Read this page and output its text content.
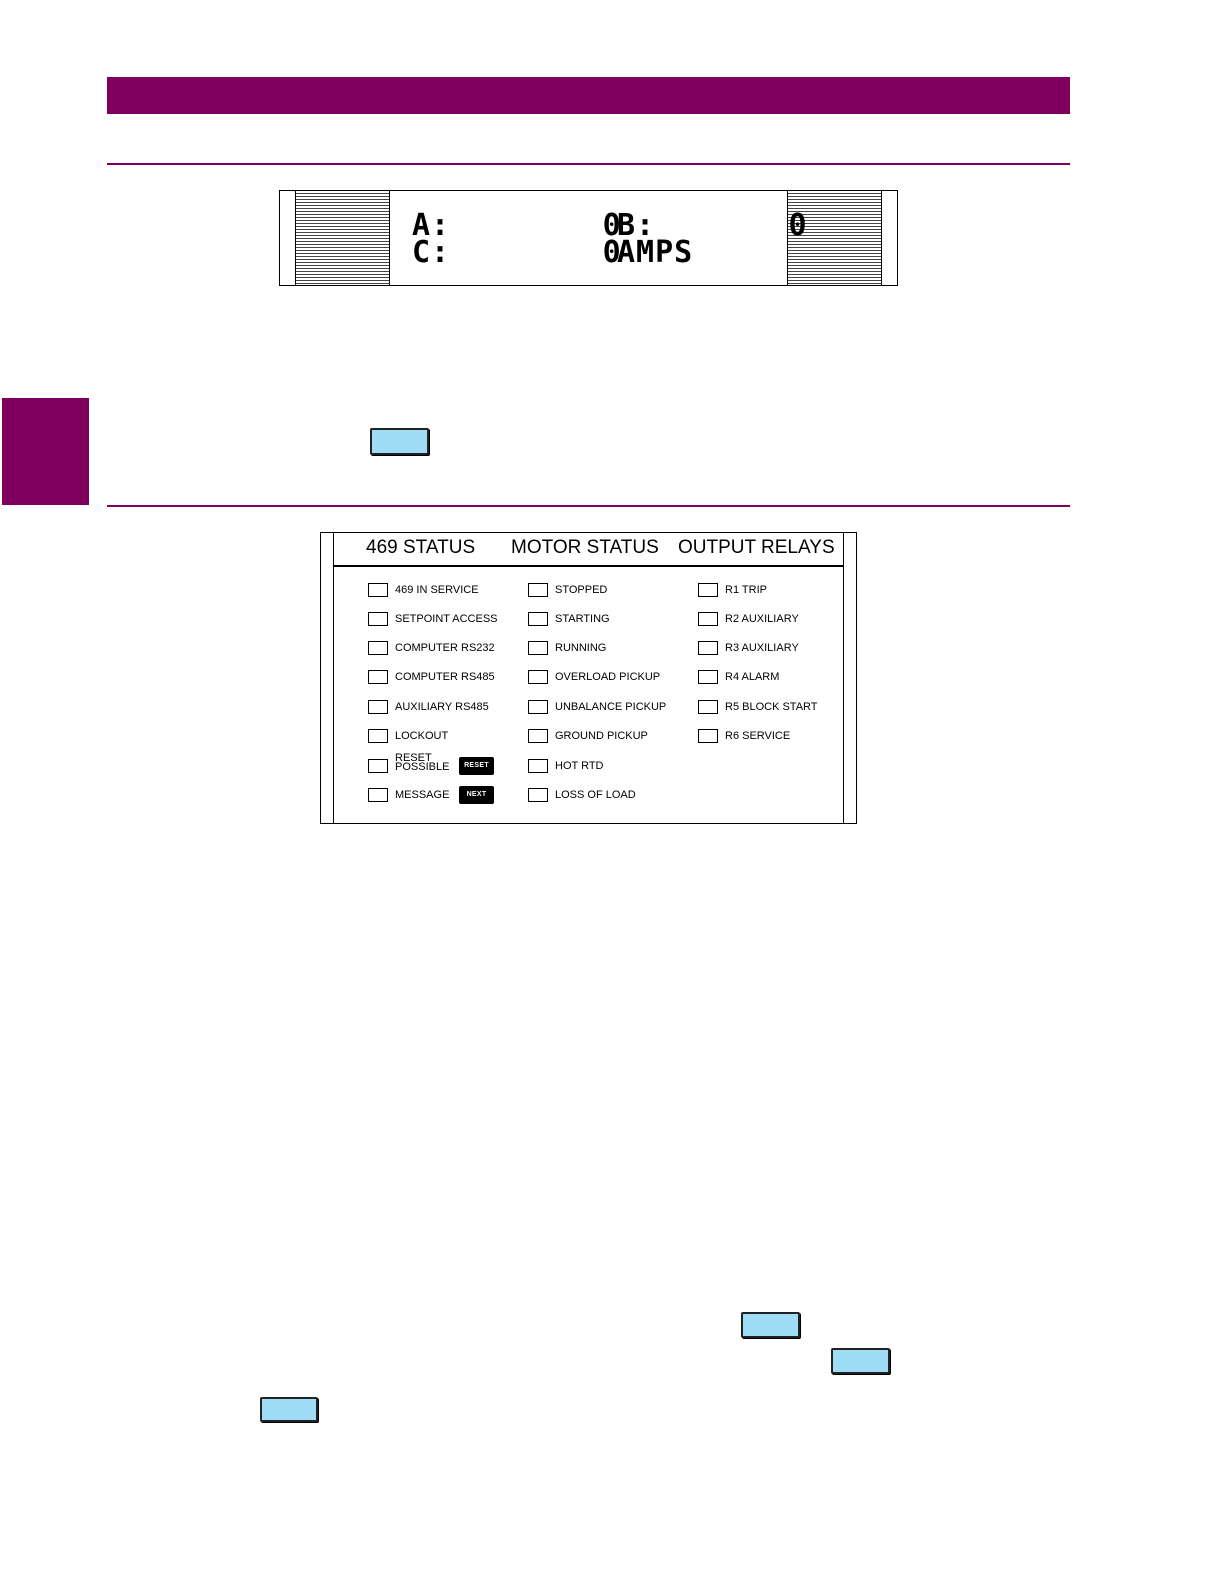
A:        0
B:       0
C:        0
AMPS
469 STATUS MOTOR STATUS OUTPUT RELAYS
469 IN SERVICE
SETPOINT ACCESS
COMPUTER RS232
COMPUTER RS485
AUXILIARY RS485
LOCKOUT
RESET
POSSIBLE	RESET
MESSAGE	NEXT
STOPPED
STARTING
RUNNING
OVERLOAD PICKUP
UNBALANCE PICKUP
GROUND PICKUP
HOT RTD
LOSS OF LOAD
R1 TRIP
R2 AUXILIARY
R3 AUXILIARY
R4 ALARM
R5 BLOCK START
R6 SERVICE
